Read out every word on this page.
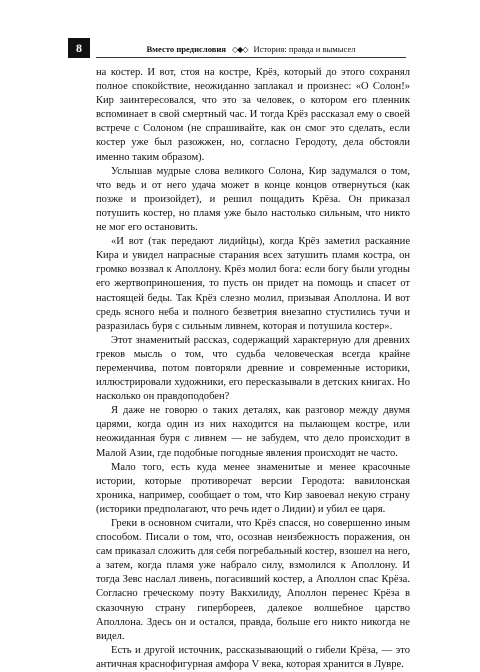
8	Вместо предисловия ◇◆◇ История: правда и вымысел

на костер. И вот, стоя на костре, Крёз, который до этого сохранял полное спокойствие, неожиданно заплакал и произнес: «О Солон!» Кир заинтересовался, что это за человек, о котором его пленник вспоминает в свой смертный час. И тогда Крёз рассказал ему о своей встрече с Солоном (не спрашивайте, как он смог это сделать, если костер уже был разожжен, но, согласно Геродоту, дела обстояли именно таким образом).

Услышав мудрые слова великого Солона, Кир задумался о том, что ведь и от него удача может в конце концов отвернуться (как позже и произойдет), и решил пощадить Крёза. Он приказал потушить костер, но пламя уже было настолько сильным, что никто не мог его остановить.

«И вот (так передают лидийцы), когда Крёз заметил раскаяние Кира и увидел напрасные старания всех затушить пламя костра, он громко воззвал к Аполлону. Крёз молил бога: если богу были угодны его жертвоприношения, то пусть он придет на помощь и спасет от настоящей беды. Так Крёз слезно молил, призывая Аполлона. И вот средь ясного неба и полного безветрия внезапно стустились тучи и разразилась буря с сильным ливнем, которая и потушила костер».

Этот знаменитый рассказ, содержащий характерную для древних греков мысль о том, что судьба человеческая всегда крайне переменчива, потом повторяли древние и современные историки, иллюстрировали художники, его пересказывали в детских книгах. Но насколько он правдоподобен?

Я даже не говорю о таких деталях, как разговор между двумя царями, когда один из них находится на пылающем костре, или неожиданная буря с ливнем — не забудем, что дело происходит в Малой Азии, где подобные погодные явления происходят не часто.

Мало того, есть куда менее знаменитые и менее красочные истории, которые противоречат версии Геродота: вавилонская хроника, например, сообщает о том, что Кир завоевал некую страну (историки предполагают, что речь идет о Лидии) и убил ее царя.

Греки в основном считали, что Крёз спасся, но совершенно иным способом. Писали о том, что, осознав неизбежность поражения, он сам приказал сложить для себя погребальный костер, взошел на него, а затем, когда пламя уже набрало силу, взмолился к Аполлону. И тогда Зевс наслал ливень, погасивший костер, а Аполлон спас Крёза. Согласно греческому поэту Вакхилиду, Аполлон перенес Крёза в сказочную страну гипербореев, далекое волшебное царство Аполлона. Здесь он и остался, правда, больше его никто никогда не видел.

Есть и другой источник, рассказывающий о гибели Крёза, — это античная краснофигурная амфора V века, которая хранится в Лувре.
